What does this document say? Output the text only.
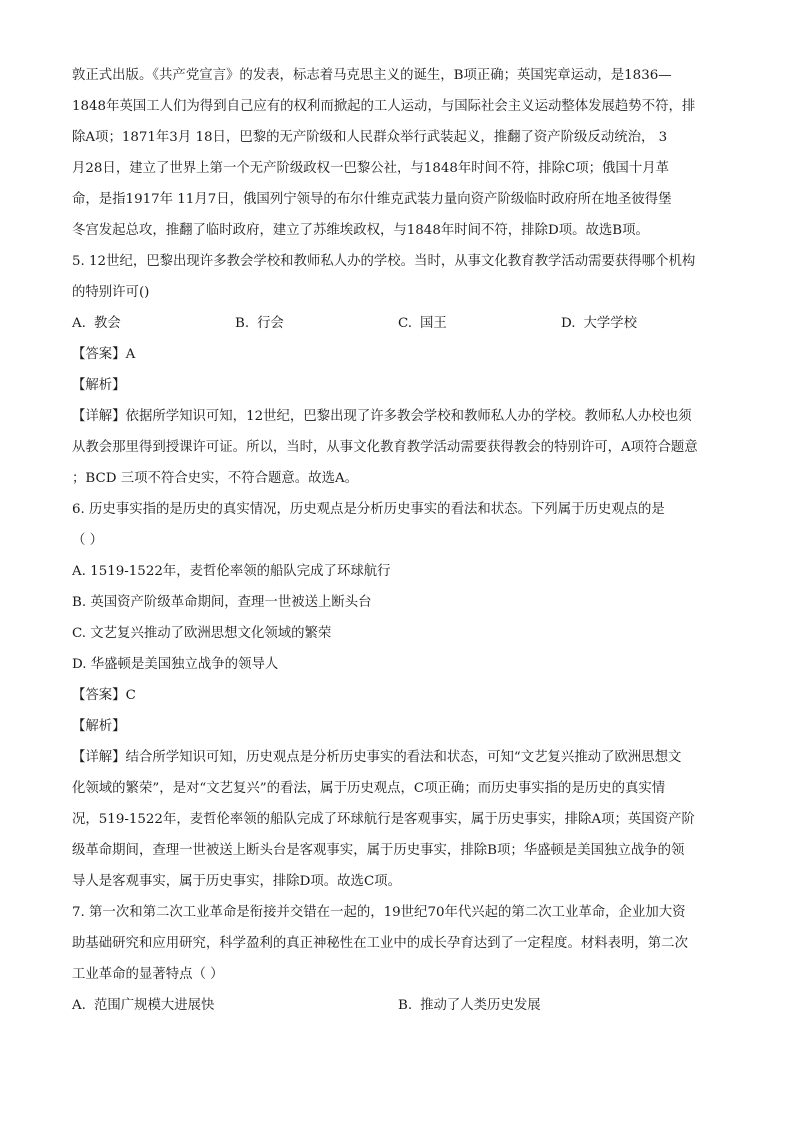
敦正式出版。《共产党宣言》的发表，标志着马克思主义的诞生，B项正确；英国宪章运动，是1836—
1848年英国工人们为得到自己应有的权利而掀起的工人运动，与国际社会主义运动整体发展趋势不符，排
除A项；1871年3月 18日，巴黎的无产阶级和人民群众举行武装起义，推翻了资产阶级反动统治， 3
月28日，建立了世界上第一个无产阶级政权一巴黎公社，与1848年时间不符，排除C项；俄国十月革
命，是指1917年 11月7日，俄国列宁领导的布尔什维克武装力量向资产阶级临时政府所在地圣彼得堡
冬宫发起总攻，推翻了临时政府，建立了苏维埃政权，与1848年时间不符，排除D项。故选B项。
5. 12世纪，巴黎出现许多教会学校和教师私人办的学校。当时，从事文化教育教学活动需要获得哪个机构
的特别许可()
A. 教会	B. 行会	C. 国王	D. 大学学校

【答案】A

【解析】

【详解】依据所学知识可知，12世纪，巴黎出现了许多教会学校和教师私人办的学校。教师私人办校也须
从教会那里得到授课许可证。所以，当时，从事文化教育教学活动需要获得教会的特别许可，A项符合题意
；BCD 三项不符合史实，不符合题意。故选A。
6. 历史事实指的是历史的真实情况，历史观点是分析历史事实的看法和状态。下列属于历史观点的是
（ ）
A. 1519-1522年，麦哲伦率领的船队完成了环球航行
B. 英国资产阶级革命期间，查理一世被送上断头台
C. 文艺复兴推动了欧洲思想文化领域的繁荣
D. 华盛顿是美国独立战争的领导人

【答案】C

【解析】

【详解】结合所学知识可知，历史观点是分析历史事实的看法和状态，可知“文艺复兴推动了欧洲思想文
化领域的繁荣”，是对“文艺复兴”的看法，属于历史观点，C项正确；而历史事实指的是历史的真实情
况，519-1522年，麦哲伦率领的船队完成了环球航行是客观事实，属于历史事实，排除A项；英国资产阶
级革命期间，查理一世被送上断头台是客观事实，属于历史事实，排除B项；华盛顿是美国独立战争的领
导人是客观事实，属于历史事实，排除D项。故选C项。
7. 第一次和第二次工业革命是衔接并交错在一起的，19世纪70年代兴起的第二次工业革命，企业加大资
助基础研究和应用研究，科学盈利的真正神秘性在工业中的成长孕育达到了一定程度。材料表明，第二次
工业革命的显著特点（ ）
A. 范围广规模大进展快	B. 推动了人类历史发展
